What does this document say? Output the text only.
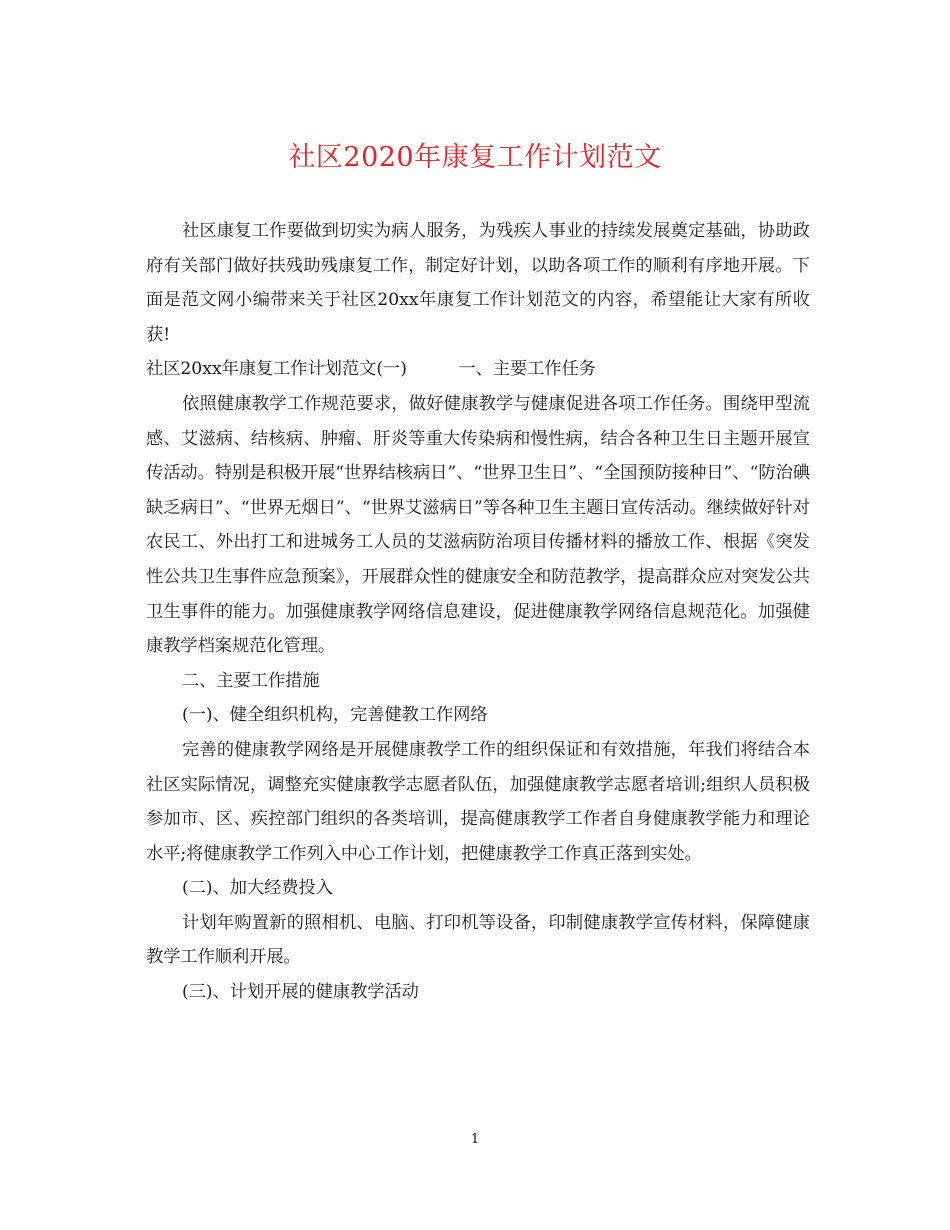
社区2020年康复工作计划范文

社区康复工作要做到切实为病人服务，为残疾人事业的持续发展奠定基础，协助政府有关部门做好扶残助残康复工作，制定好计划，以助各项工作的顺利有序地开展。下面是范文网小编带来关于社区20xx年康复工作计划范文的内容，希望能让大家有所收获!

社区20xx年康复工作计划范文(一)　　　一、主要工作任务

依照健康教学工作规范要求，做好健康教学与健康促进各项工作任务。围绕甲型流感、艾滋病、结核病、肿瘤、肝炎等重大传染病和慢性病，结合各种卫生日主题开展宣传活动。特别是积极开展“世界结核病日”、“世界卫生日”、“全国预防接种日”、“防治碘缺乏病日”、“世界无烟日”、“世界艾滋病日”等各种卫生主题日宣传活动。继续做好针对农民工、外出打工和进城务工人员的艾滋病防治项目传播材料的播放工作、根据《突发性公共卫生事件应急预案》，开展群众性的健康安全和防范教学，提高群众应对突发公共卫生事件的能力。加强健康教学网络信息建设，促进健康教学网络信息规范化。加强健康教学档案规范化管理。

二、主要工作措施

(一)、健全组织机构，完善健教工作网络

完善的健康教学网络是开展健康教学工作的组织保证和有效措施，年我们将结合本社区实际情况，调整充实健康教学志愿者队伍，加强健康教学志愿者培训;组织人员积极参加市、区、疾控部门组织的各类培训，提高健康教学工作者自身健康教学能力和理论水平;将健康教学工作列入中心工作计划，把健康教学工作真正落到实处。

(二)、加大经费投入

计划年购置新的照相机、电脑、打印机等设备，印制健康教学宣传材料，保障健康教学工作顺利开展。

(三)、计划开展的健康教学活动

1
